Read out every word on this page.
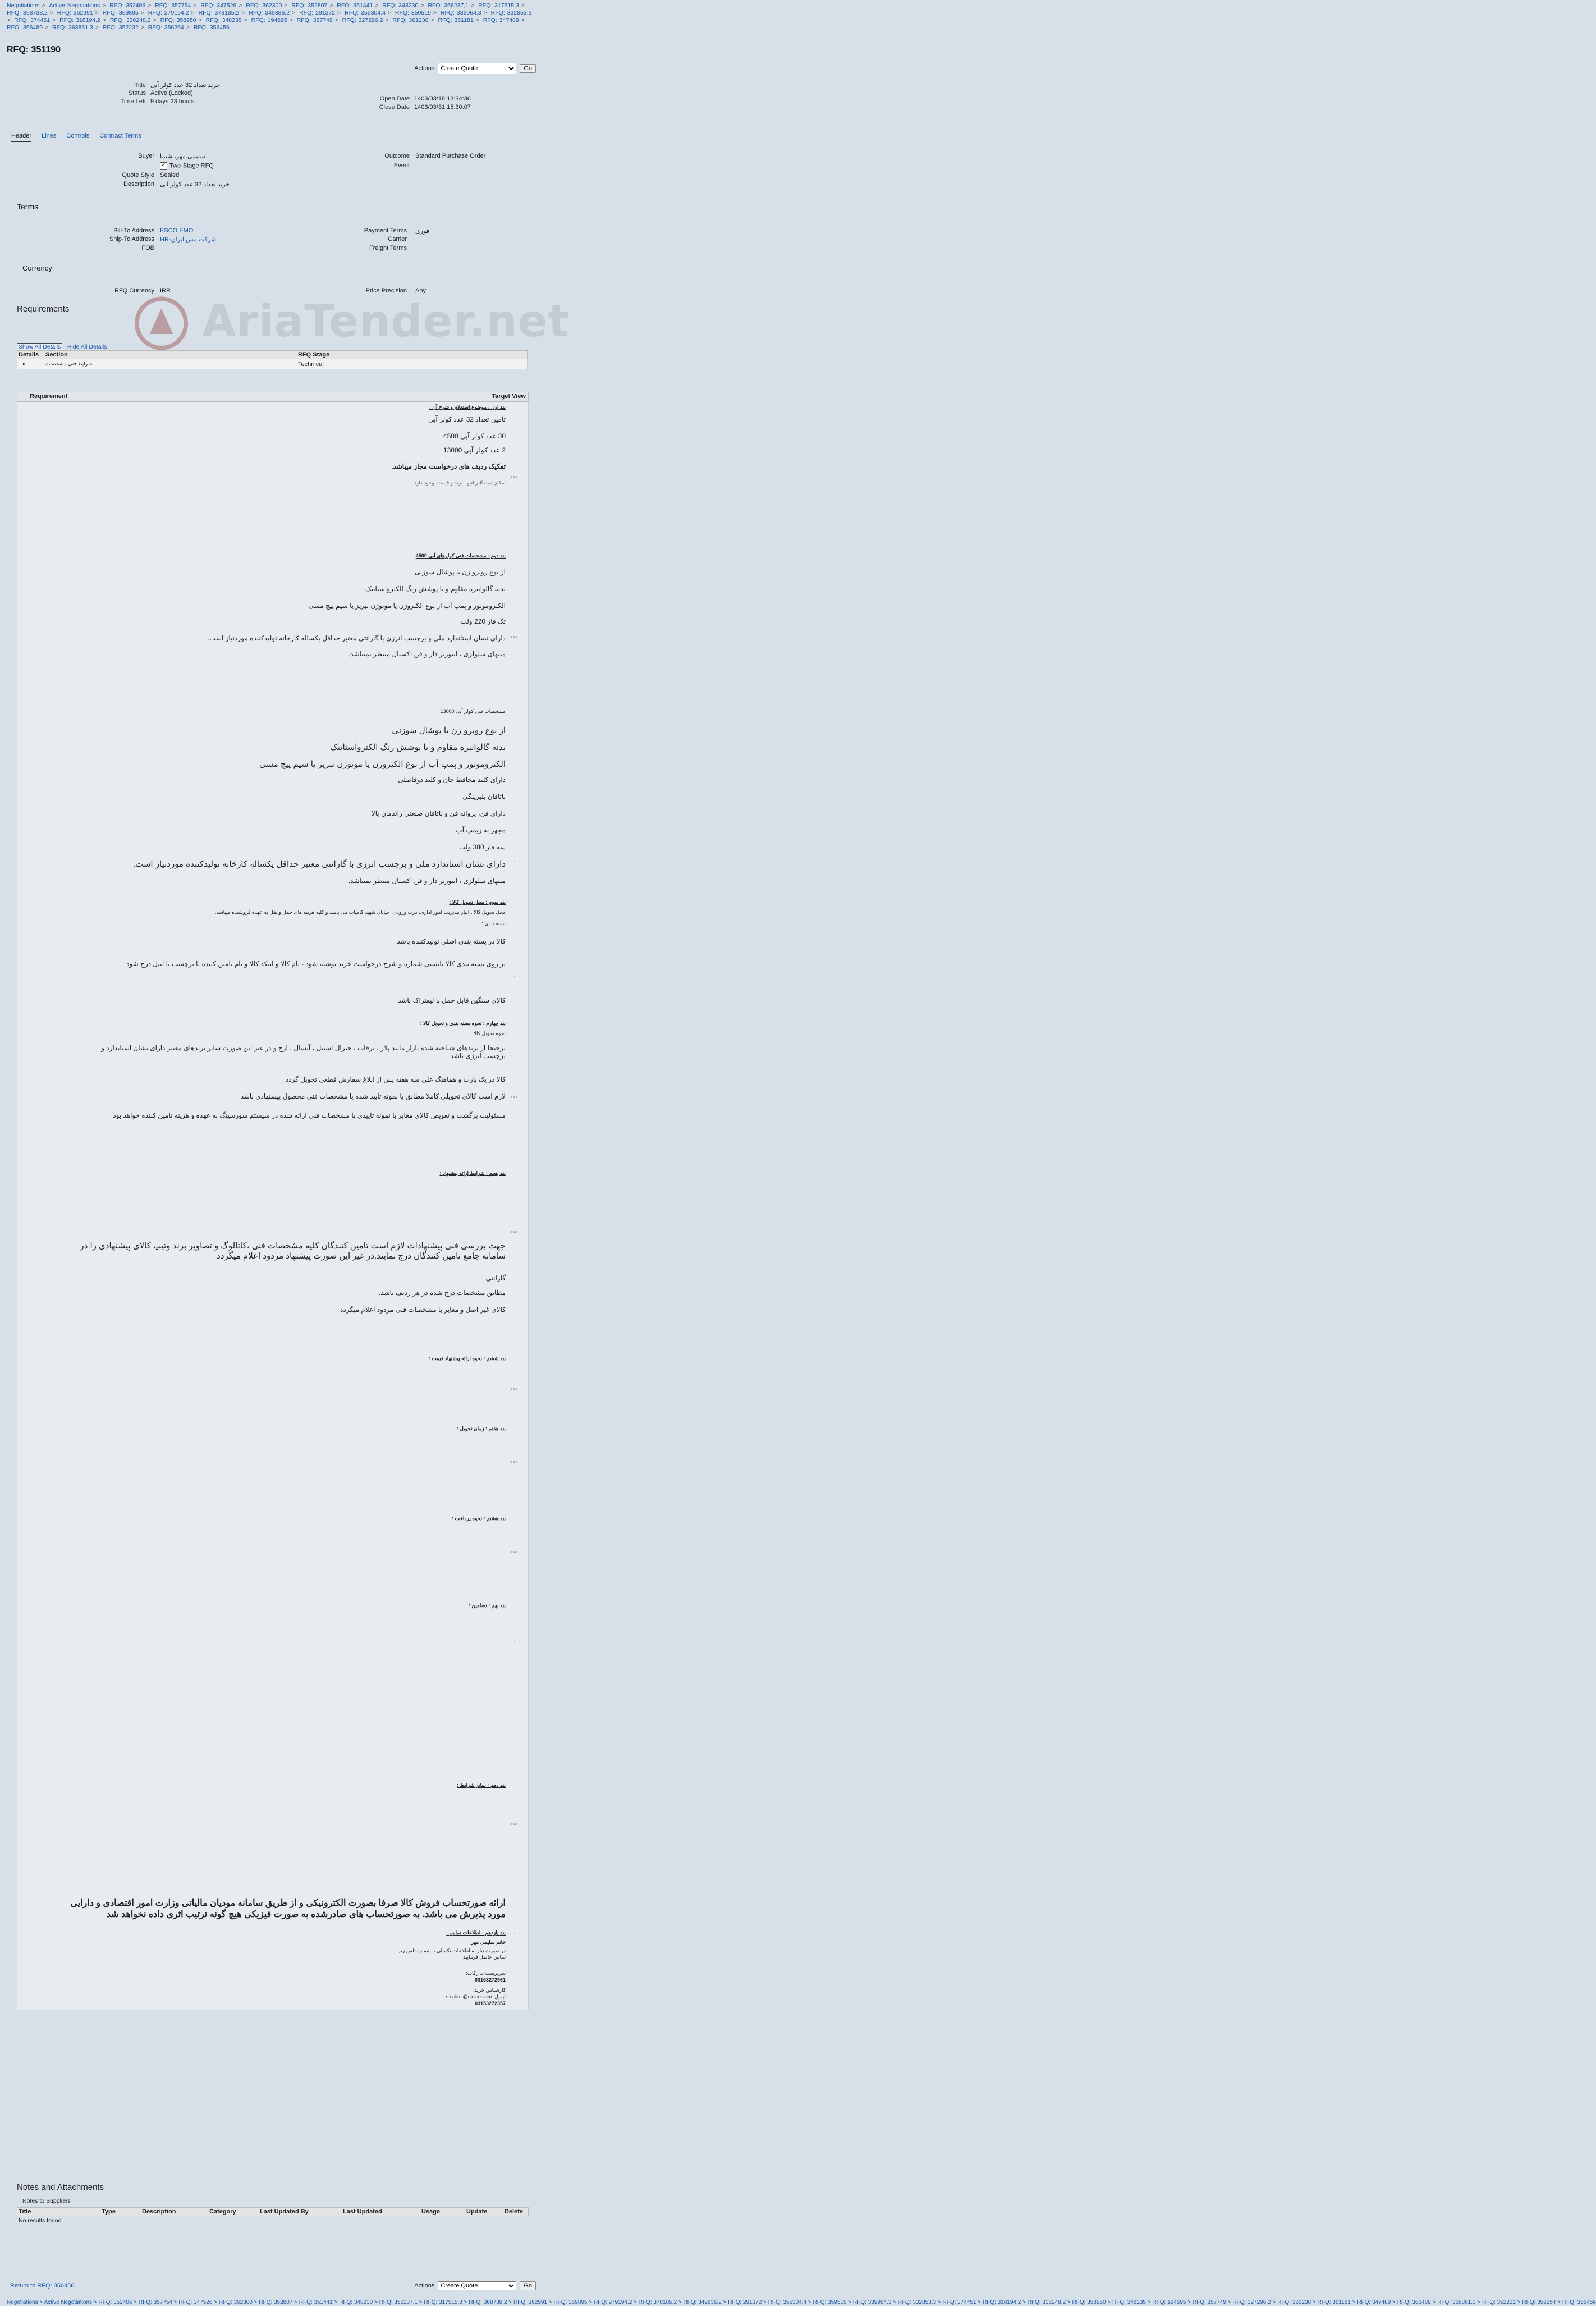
Negotiations > Active Negotiations > RFQ: 352406 > RFQ: 357754 > RFQ: 347526 > RFQ: 362300 > RFQ: 352807 > RFQ: 351441 > RFQ: 348230 > RFQ: 356237,1 > RFQ: 317515,3 > RFQ: 368738,2 > RFQ: 362991 > RFQ: 369895 > RFQ: 279194,2 > RFQ: 378185,2 > RFQ: 349836,2 > RFQ: 291372 > RFQ: 355304,4 > RFQ: 359519 > RFQ: 339964,3 > RFQ: 332853,3 > RFQ: 374451 > RFQ: 318194,2 > RFQ: 336248,2 > RFQ: 358950 > RFQ: 348235 > RFQ: 194695 > RFQ: 357749 > RFQ: 327296,2 > RFQ: 361238 > RFQ: 361181 > RFQ: 347489 > RFQ: 366489 > RFQ: 368861,3 > RFQ: 352232 > RFQ: 356254 > RFQ: 356456
RFQ: 351190
Actions
Create Quote	Go
Title خرید تعداد 32 عدد کولر آبی
Status Active (Locked)
Time Left 9 days 23 hours	Open Date 1403/03/18 13:34:36
Close Date 1403/03/31 15:30:07
Header Lines Controls Contract Terms
Buyer سلیمی مهر، شیما
✓Two-Stage RFQ
Quote Style Sealed
Description خرید تعداد 32 عدد کولر آبی
Outcome Standard Purchase Order
Event
Terms
Bill-To Address ESCO EMO
Ship-To Address HR-شرکت مس ایران
FOB
Payment Terms فوری
Carrier
Freight Terms
Currency
RFQ Currency IRR	Price Precision Any
AriaTender.net
Requirements
Show All Details | Hide All Details
Details Section	RFQ Stage
▸	شرایط فنی مشخصات	Technical
Requirement	Target View
بند اول : موضوع استعلام و شرح آن :
تامین تعداد 32 عدد کولر آبی
30 عدد کولر آبی 4500
2 عدد کولر آبی 13000
تفکیک ردیف های درخواست مجاز میباشد.
امکان ثبت آلترناتیو ، برند و قیمت، وجود دارد .
▫▫▫
بند دوم : مشخصات فنی کولرهای آبی 4500
از نوع روبرو زن با پوشال سوزنی
بدنه گالوانیزه مقاوم و با پوشش رنگ الکترواستاتیک
الکتروموتور و پمپ آب از نوع الکتروژن یا موتوژن تبریز یا سیم پیچ مسی
تک فاز 220 ولت
دارای نشان استاندارد ملی و برچسب انرژی با گارانتی معتبر حداقل یکساله کارخانه تولیدکننده موردنیاز است.
منتهای سلولزی ، اینورتر دار و فن اکسیال منتظر نمیباشد.
▫▫▫
مشخصات فنی کولر آبی 13000
از نوع روبرو زن با پوشال سوزنی
بدنه گالوانیزه مقاوم و با پوشش رنگ الکترواستاتیک
الکتروموتور و پمپ آب از نوع الکتروژن یا موتوژن تبریز یا سیم پیچ مسی
دارای کلید محافظ جان و کلید دوفاصلی
باتاقان بلبرینگی
دارای فن، پروانه فن و باتاقان صنعتی راندمان بالا
مجهز به ژیمپ آب
سه فاز 380 ولت
دارای نشان استاندارد ملی و برچسب انرژی با گارانتی معتبر حداقل یکساله کارخانه تولیدکننده موردنیاز است.
منتهای سلولزی ، اینورتر دار و فن اکسیال منتظر نمیباشد.
▫▫▫
بند سوم : محل تحویل کالا :
محل تحویل کالا ، انبار مدیریت امور اداری، درب ورودی، خیابان شهید کامیاب می باشد و کلیه هزینه های حمل و نقل به عهده فروشنده میباشد.
بسته بندی :
کالا در بسته بندی اصلی تولیدکننده باشد
بر روی بسته بندی کالا بایستی شماره و شرح درخواست خرید نوشته شود - نام کالا و اینکد کالا و نام تامین کننده یا برچسب یا لیبل درج شود
کالای سنگین قابل حمل با لیفتراک باشد
▫▫▫
بند چهارم : نحوه بسته بندی و تحویل کالا :
نحوه تحویل کالا:
ترجیحا از برندهای شناخته شده بازار مانند پلار ، برفاب ، جنرال استیل ، آبسال ، ارج و در غیر این صورت سایر برندهای معتبر دارای نشان استاندارد و برچسب انرژی باشد
کالا در یک پارت و هماهنگ علی سه هفته پس از ابلاغ سفارش قطعی تحویل گردد
لازم است کالای تحویلی کاملا مطابق با نمونه تایید شده یا مشخصات فنی محصول پیشنهادی باشد
مسئولیت برگشت و تعویض کالای مغایر با نمونه تاییدی یا مشخصات فنی ارائه شده در سیستم سورسینگ به عهده و هزینه تامین کننده خواهد بود
▫▫▫
بند پنجم : شرایط ارائه پیشنهاد :
جهت بررسی فنی پیشنهادات لازم است تامین کنندگان کلیه مشخصات فنی ،کاتالوگ و تصاویر برند وتیپ کالای پیشنهادی را در سامانه جامع تامین کنندگان درج نمایند.در غیر این صورت پیشنهاد مردود اعلام میگردد
گارانتی
مطابق مشخصات درج شده در هر ردیف باشد.
کالای غیر اصل و مغایر با مشخصات فنی مردود اعلام میگردد
▫▫▫
بند ششم : نحوه ارائه پیشنهاد قیمت :
▫▫▫
بند هفتم : زمان تحویل :
▫▫▫
بند هشتم : نحوه پرداخت :
▫▫▫
بند نهم : تضامین :
▫▫▫
بند دهم : سایر شرایط :
▫▫▫
ارائه صورتحساب فروش کالا صرفا بصورت الکترونیکی و از طریق سامانه مودیان مالیاتی وزارت امور اقتصادی و دارایی مورد پذیرش می باشد. به صورتحساب های صادرشده به صورت فیزیکی هیچ گونه ترتیب اثری داده نخواهد شد
بند یازدهم : اطلاعات تماس :
خانم سلیمی مهر
در صورت نیاز به اطلاعات تکمیلی با شماره تلفن زیر تماس حاصل فرمایید
سرپرست تدارکات:
03153272961
کارشناس خرید:
ایمیل: s.salimi@nicico.com
03153272357
▫▫▫
Notes and Attachments
Notes to Suppliers
Title	Type	Description	Category	Last Updated By	Last Updated	Usage	Update	Delete
No results found
Return to RFQ: 356456	Actions
Create Quote	Go
Negotiations > Active Negotiations > RFQ: 352406 > RFQ: 357754 > RFQ: 347526 > RFQ: 362300 > RFQ: 352807 > RFQ: 351441 > RFQ: 348230 > RFQ: 356237,1 > RFQ: 317515,3 > RFQ: 368738,2 > RFQ: 362991 > RFQ: 369895 > RFQ: 279194,2 > RFQ: 378185,2 > RFQ: 349836,2 > RFQ: 291372 > RFQ: 355304,4 > RFQ: 359519 > RFQ: 339964,3 > RFQ: 332853,3 > RFQ: 374451 > RFQ: 318194,2 > RFQ: 336248,2 > RFQ: 358950 > RFQ: 348235 > RFQ: 194695 > RFQ: 357749 > RFQ: 327296,2 > RFQ: 361238 > RFQ: 361181 > RFQ: 347489 > RFQ: 366489 > RFQ: 368861,3 > RFQ: 352232 > RFQ: 356254 > RFQ: 356456
